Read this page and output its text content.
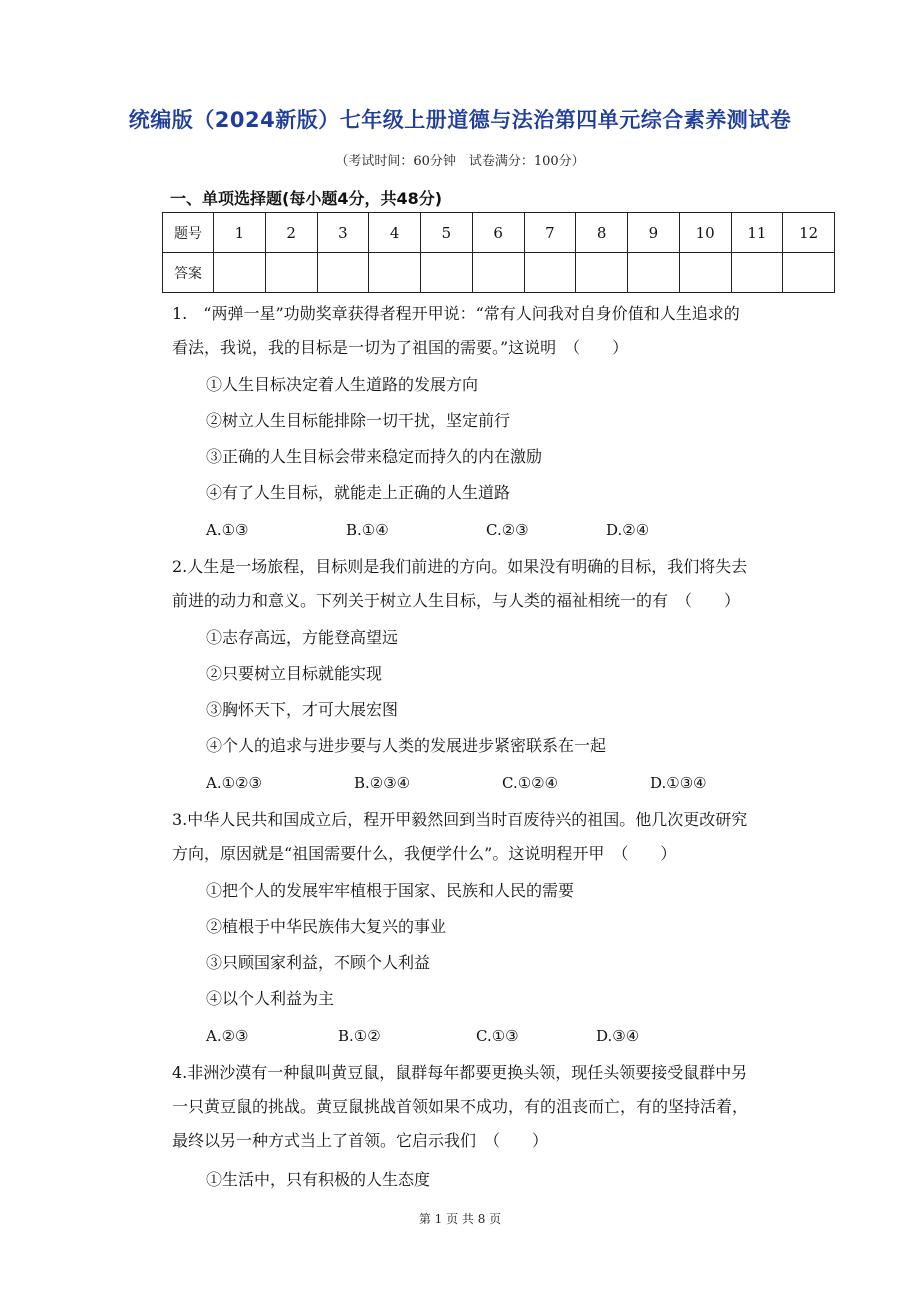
统编版（2024新版）七年级上册道德与法治第四单元综合素养测试卷
（考试时间：60分钟　试卷满分：100分）
一、单项选择题(每小题4分，共48分)
题号	1	2	3	4	5	6	7	8	9	10	11	12
答案												
1.　“两弹一星”功勋奖章获得者程开甲说：“常有人问我对自身价值和人生追求的
看法，我说，我的目标是一切为了祖国的需要。”这说明　（　　）
①人生目标决定着人生道路的发展方向
②树立人生目标能排除一切干扰，坚定前行
③正确的人生目标会带来稳定而持久的内在激励
④有了人生目标，就能走上正确的人生道路
A.①③	B.①④	C.②③	D.②④
2.人生是一场旅程，目标则是我们前进的方向。如果没有明确的目标，我们将失去
前进的动力和意义。下列关于树立人生目标，与人类的福祉相统一的有　（　　）
①志存高远，方能登高望远
②只要树立目标就能实现
③胸怀天下，才可大展宏图
④个人的追求与进步要与人类的发展进步紧密联系在一起
A.①②③	B.②③④	C.①②④	D.①③④
3.中华人民共和国成立后，程开甲毅然回到当时百废待兴的祖国。他几次更改研究
方向，原因就是“祖国需要什么，我便学什么”。这说明程开甲　（　　）
①把个人的发展牢牢植根于国家、民族和人民的需要
②植根于中华民族伟大复兴的事业
③只顾国家利益，不顾个人利益
④以个人利益为主
A.②③	B.①②	C.①③	D.③④
4.非洲沙漠有一种鼠叫黄豆鼠，鼠群每年都要更换头领，现任头领要接受鼠群中另
一只黄豆鼠的挑战。黄豆鼠挑战首领如果不成功，有的沮丧而亡，有的坚持活着，
最终以另一种方式当上了首领。它启示我们　（　　）
①生活中，只有积极的人生态度
第 1 页 共 8 页
